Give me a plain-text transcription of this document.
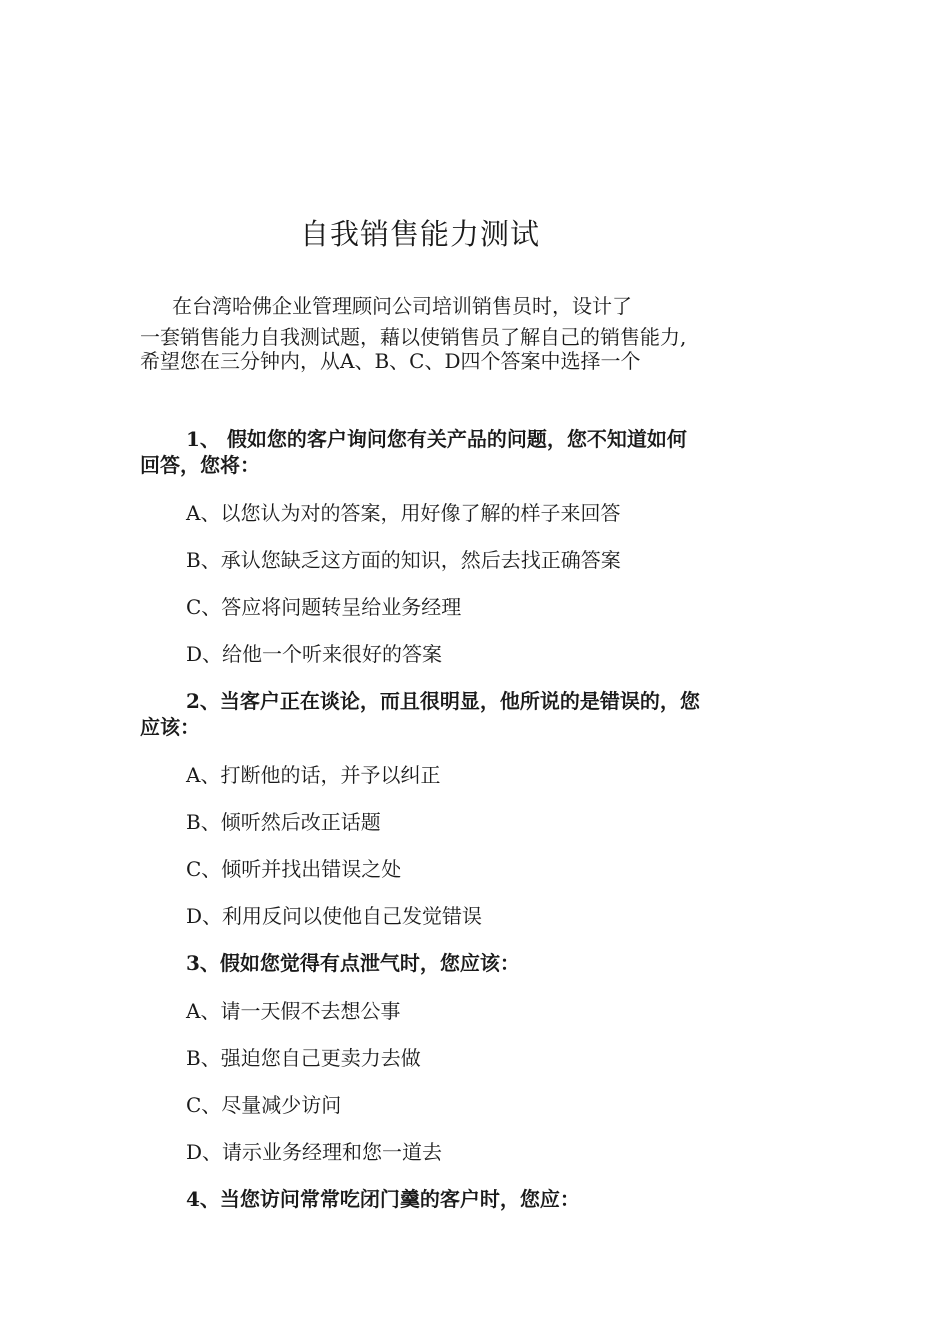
自我销售能力测试
在台湾哈佛企业管理顾问公司培训销售员时，设计了
一套销售能力自我测试题，藉以使销售员了解自己的销售能力,希望您在三分钟内，从A、B、C、D四个答案中选择一个

1、 假如您的客户询问您有关产品的问题，您不知道如何回答，您将：

A、以您认为对的答案，用好像了解的样子来回答

B、承认您缺乏这方面的知识，然后去找正确答案

C、答应将问题转呈给业务经理

D、给他一个听来很好的答案

2、当客户正在谈论，而且很明显，他所说的是错误的，您应该：

A、打断他的话，并予以纠正

B、倾听然后改正话题

C、倾听并找出错误之处

D、利用反问以使他自己发觉错误

3、假如您觉得有点泄气时，您应该：

A、请一天假不去想公事

B、强迫您自己更卖力去做

C、尽量减少访问

D、请示业务经理和您一道去

4、当您访问常常吃闭门羹的客户时，您应：
